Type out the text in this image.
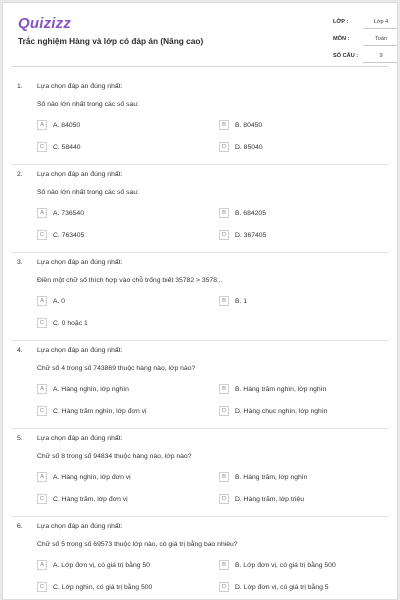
Quizizz
Trắc nghiệm Hàng và lớp có đáp án (Nâng cao)
LỚP :	Lớp 4
MÔN :	Toán
SỐ CÂU :	9
1. Lựa chọn đáp án đúng nhất:
Số nào lớn nhất trong các số sau:
A	A. 84050	B	B. 80450
C	C. 58440	D	D. 85040
2. Lựa chọn đáp án đúng nhất:
Số nào lớn nhất trong các số sau:
A	A. 736540	B	B. 684205
C	C. 763405	D	D. 367405
3. Lựa chọn đáp án đúng nhất:
Điền một chữ số thích hợp vào chỗ trống biết 35782 > 3578...
A	A. 0	B	B. 1
C	C. 0 hoặc 1
4. Lựa chọn đáp án đúng nhất:
Chữ số 4 trong số 743869 thuộc hàng nào, lớp nào?
A	A. Hàng nghìn, lớp nghìn	B	B. Hàng trăm nghìn, lớp nghìn
C	C. Hàng trăm nghìn, lớp đơn vị	D	D. Hàng chục nghìn, lớp nghìn
5. Lựa chọn đáp án đúng nhất:
Chữ số 8 trong số 94834 thuộc hàng nào, lớp nào?
A	A. Hàng nghìn, lớp đơn vị	B	B. Hàng trăm, lớp nghìn
C	C. Hàng trăm, lớp đơn vị	D	D. Hàng trăm, lớp triệu
6. Lựa chọn đáp án đúng nhất:
Chữ số 5 trong số 69573 thuộc lớp nào, có giá trị bằng bao nhiêu?
A	A. Lớp đơn vị, có giá trị bằng 50	B	B. Lớp đơn vị, có giá trị bằng 500
C	C. Lớp nghìn, có giá trị bằng 500	D	D. Lớp đơn vị, có giá trị bằng 5
